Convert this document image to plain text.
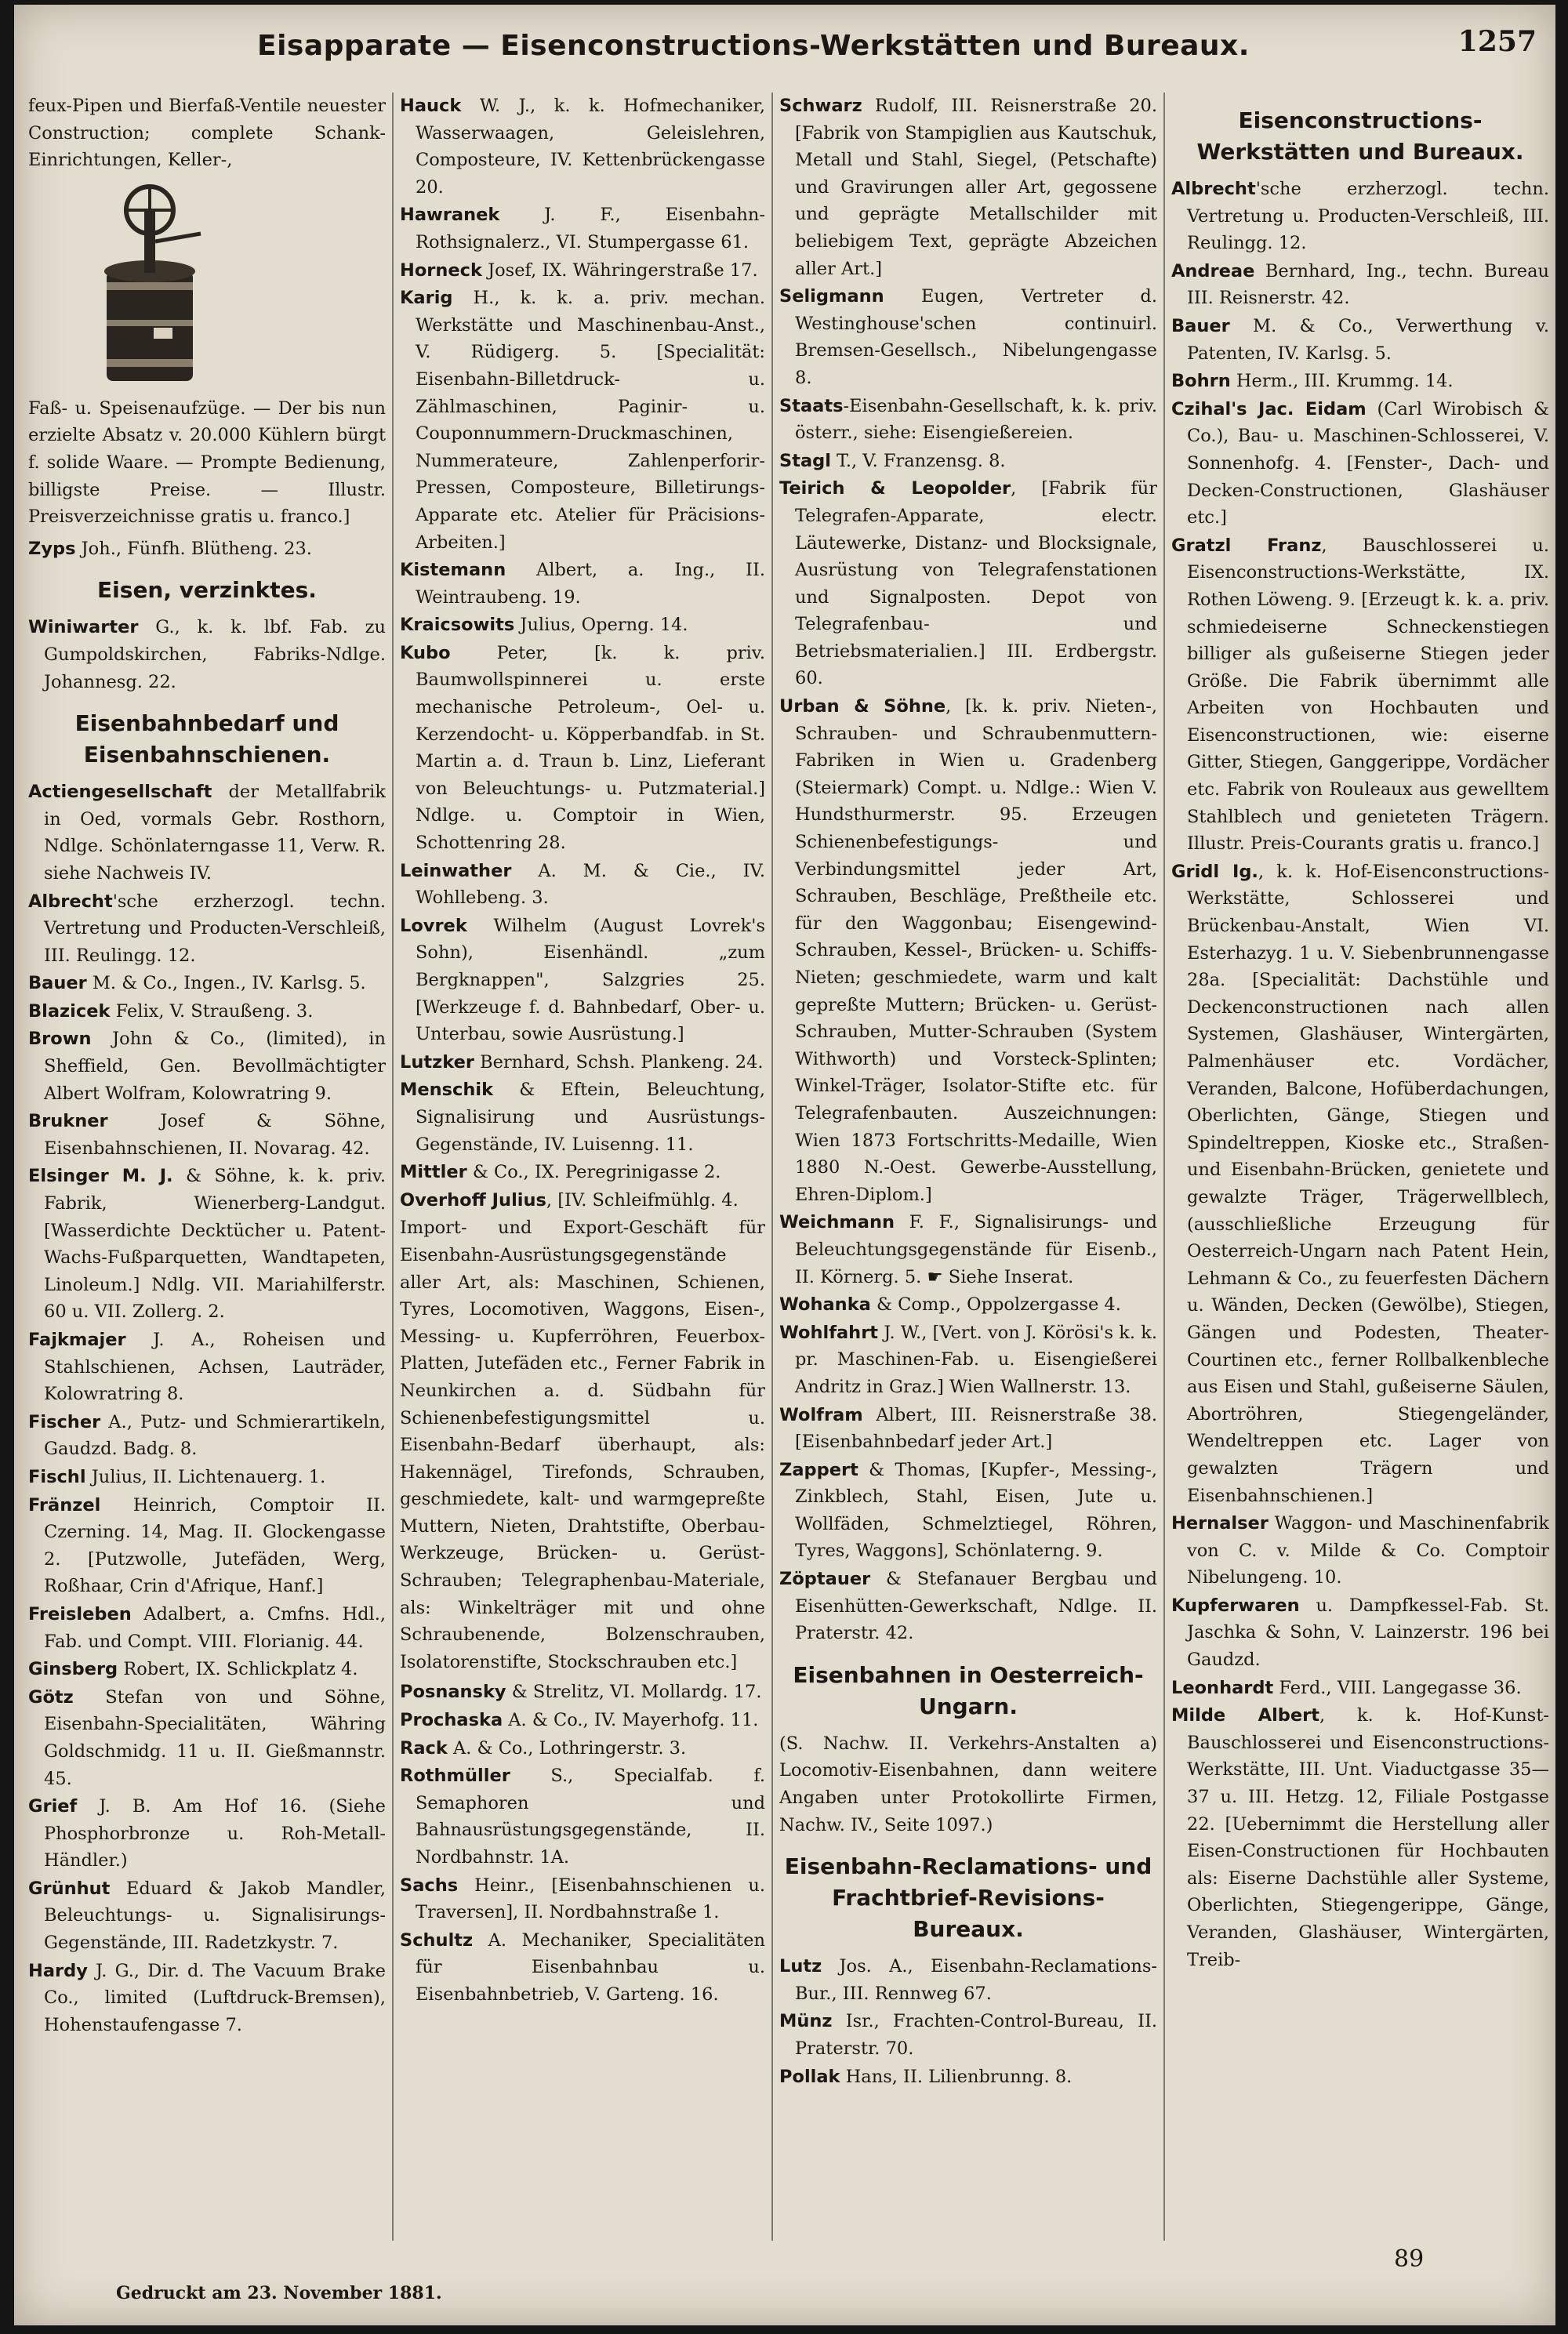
Eisapparate — Eisenconstructions-Werkstätten und Bureaux.	1257
feux-Pipen und Bierfaß-Ventile neuester Construction; complete Schank-Einrichtungen, Keller-,
Faß- u. Speisenaufzüge. — Der bis nun erzielte Absatz v. 20.000 Kühlern bürgt f. solide Waare. — Prompte Bedienung, billigste Preise. — Illustr. Preisverzeichnisse gratis u. franco.]
Zyps Joh., Fünfh. Blütheng. 23.
Eisen, verzinktes.
Winiwarter G., k. k. lbf. Fab. zu Gumpoldskirchen, Fabriks-Ndlge. Johannesg. 22.
Eisenbahnbedarf und Eisenbahnschienen.
Actiengesellschaft der Metallfabrik in Oed, vormals Gebr. Rosthorn, Ndlge. Schönlaterngasse 11, Verw. R. siehe Nachweis IV.
Albrecht'sche erzherzogl. techn. Vertretung und Producten-Verschleiß, III. Reulingg. 12.
Bauer M. & Co., Ingen., IV. Karlsg. 5.
Blazicek Felix, V. Straußeng. 3.
Brown John & Co., (limited), in Sheffield, Gen. Bevollmächtigter Albert Wolfram, Kolowratring 9.
Brukner Josef & Söhne, Eisenbahnschienen, II. Novarag. 42.
Elsinger M. J. & Söhne, k. k. priv. Fabrik, Wienerberg-Landgut. [Wasserdichte Decktücher u. Patent-Wachs-Fußparquetten, Wandtapeten, Linoleum.] Ndlg. VII. Mariahilferstr. 60 u. VII. Zollerg. 2.
Fajkmajer J. A., Roheisen und Stahlschienen, Achsen, Lauträder, Kolowratring 8.
Fischer A., Putz- und Schmierartikeln, Gaudzd. Badg. 8.
Fischl Julius, II. Lichtenauerg. 1.
Fränzel Heinrich, Comptoir II. Czerning. 14, Mag. II. Glockengasse 2. [Putzwolle, Jutefäden, Werg, Roßhaar, Crin d'Afrique, Hanf.]
Freisleben Adalbert, a. Cmfns. Hdl., Fab. und Compt. VIII. Florianig. 44.
Ginsberg Robert, IX. Schlickplatz 4.
Götz Stefan von und Söhne, Eisenbahn-Specialitäten, Währing Goldschmidg. 11 u. II. Gießmannstr. 45.
Grief J. B. Am Hof 16. (Siehe Phosphorbronze u. Roh-Metall-Händler.)
Grünhut Eduard & Jakob Mandler, Beleuchtungs- u. Signalisirungs-Gegenstände, III. Radetzkystr. 7.
Hardy J. G., Dir. d. The Vacuum Brake Co., limited (Luftdruck-Bremsen), Hohenstaufengasse 7.
Hauck W. J., k. k. Hofmechaniker, Wasserwaagen, Geleislehren, Composteure, IV. Kettenbrückengasse 20.
Hawranek J. F., Eisenbahn-Rothsignalerz., VI. Stumpergasse 61.
Horneck Josef, IX. Währingerstraße 17.
Karig H., k. k. a. priv. mechan. Werkstätte und Maschinenbau-Anst., V. Rüdigerg. 5. [Specialität: Eisenbahn-Billetdruck- u. Zählmaschinen, Paginir- u. Couponnummern-Druckmaschinen, Nummerateure, Zahlenperforir-Pressen, Composteure, Billetirungs-Apparate etc. Atelier für Präcisions-Arbeiten.]
Kistemann Albert, a. Ing., II. Weintraubeng. 19.
Kraicsowits Julius, Operng. 14.
Kubo Peter, [k. k. priv. Baumwollspinnerei u. erste mechanische Petroleum-, Oel- u. Kerzendocht- u. Köpperbandfab. in St. Martin a. d. Traun b. Linz, Lieferant von Beleuchtungs- u. Putzmaterial.] Ndlge. u. Comptoir in Wien, Schottenring 28.
Leinwather A. M. & Cie., IV. Wohllebeng. 3.
Lovrek Wilhelm (August Lovrek's Sohn), Eisenhändl. „zum Bergknappen", Salzgries 25. [Werkzeuge f. d. Bahnbedarf, Ober- u. Unterbau, sowie Ausrüstung.]
Lutzker Bernhard, Schsh. Plankeng. 24.
Menschik & Eftein, Beleuchtung, Signalisirung und Ausrüstungs-Gegenstände, IV. Luisenng. 11.
Mittler & Co., IX. Peregrinigasse 2.
Overhoff Julius, [IV. Schleifmühlg. 4.
Import- und Export-Geschäft für Eisenbahn-Ausrüstungsgegenstände aller Art, als: Maschinen, Schienen, Tyres, Locomotiven, Waggons, Eisen-, Messing- u. Kupferröhren, Feuerbox-Platten, Jutefäden etc., Ferner Fabrik in Neunkirchen a. d. Südbahn für Schienenbefestigungsmittel u. Eisenbahn-Bedarf überhaupt, als: Hakennägel, Tirefonds, Schrauben, geschmiedete, kalt- und warmgepreßte Muttern, Nieten, Drahtstifte, Oberbau-Werkzeuge, Brücken- u. Gerüst-Schrauben; Telegraphenbau-Materiale, als: Winkelträger mit und ohne Schraubenende, Bolzenschrauben, Isolatorenstifte, Stockschrauben etc.]
Posnansky & Strelitz, VI. Mollardg. 17.
Prochaska A. & Co., IV. Mayerhofg. 11.
Rack A. & Co., Lothringerstr. 3.
Rothmüller S., Specialfab. f. Semaphoren und Bahnausrüstungsgegenstände, II. Nordbahnstr. 1A.
Sachs Heinr., [Eisenbahnschienen u. Traversen], II. Nordbahnstraße 1.
Schultz A. Mechaniker, Specialitäten für Eisenbahnbau u. Eisenbahnbetrieb, V. Garteng. 16.
Schwarz Rudolf, III. Reisnerstraße 20. [Fabrik von Stampiglien aus Kautschuk, Metall und Stahl, Siegel, (Petschafte) und Gravirungen aller Art, gegossene und geprägte Metallschilder mit beliebigem Text, geprägte Abzeichen aller Art.]
Seligmann Eugen, Vertreter d. Westinghouse'schen continuirl. Bremsen-Gesellsch., Nibelungengasse 8.
Staats-Eisenbahn-Gesellschaft, k. k. priv. österr., siehe: Eisengießereien.
Stagl T., V. Franzensg. 8.
Teirich & Leopolder, [Fabrik für Telegrafen-Apparate, electr. Läutewerke, Distanz- und Blocksignale, Ausrüstung von Telegrafenstationen und Signalposten. Depot von Telegrafenbau- und Betriebsmaterialien.] III. Erdbergstr. 60.
Urban & Söhne, [k. k. priv. Nieten-, Schrauben- und Schraubenmuttern-Fabriken in Wien u. Gradenberg (Steiermark) Compt. u. Ndlge.: Wien V. Hundsthurmerstr. 95. Erzeugen Schienenbefestigungs- und Verbindungsmittel jeder Art, Schrauben, Beschläge, Preßtheile etc. für den Waggonbau; Eisengewind-Schrauben, Kessel-, Brücken- u. Schiffs-Nieten; geschmiedete, warm und kalt gepreßte Muttern; Brücken- u. Gerüst-Schrauben, Mutter-Schrauben (System Withworth) und Vorsteck-Splinten; Winkel-Träger, Isolator-Stifte etc. für Telegrafenbauten. Auszeichnungen: Wien 1873 Fortschritts-Medaille, Wien 1880 N.-Oest. Gewerbe-Ausstellung, Ehren-Diplom.]
Weichmann F. F., Signalisirungs- und Beleuchtungsgegenstände für Eisenb., II. Körnerg. 5. ☛ Siehe Inserat.
Wohanka & Comp., Oppolzergasse 4.
Wohlfahrt J. W., [Vert. von J. Körösi's k. k. pr. Maschinen-Fab. u. Eisengießerei Andritz in Graz.] Wien Wallnerstr. 13.
Wolfram Albert, III. Reisnerstraße 38. [Eisenbahnbedarf jeder Art.]
Zappert & Thomas, [Kupfer-, Messing-, Zinkblech, Stahl, Eisen, Jute u. Wollfäden, Schmelztiegel, Röhren, Tyres, Waggons], Schönlaterng. 9.
Zöptauer & Stefanauer Bergbau und Eisenhütten-Gewerkschaft, Ndlge. II. Praterstr. 42.
Eisenbahnen in Oesterreich-Ungarn.
(S. Nachw. II. Verkehrs-Anstalten a) Locomotiv-Eisenbahnen, dann weitere Angaben unter Protokollirte Firmen, Nachw. IV., Seite 1097.)
Eisenbahn-Reclamations- und Frachtbrief-Revisions-Bureaux.
Lutz Jos. A., Eisenbahn-Reclamations-Bur., III. Rennweg 67.
Münz Isr., Frachten-Control-Bureau, II. Praterstr. 70.
Pollak Hans, II. Lilienbrunng. 8.
Eisenconstructions-Werkstätten und Bureaux.
Albrecht'sche erzherzogl. techn. Vertretung u. Producten-Verschleiß, III. Reulingg. 12.
Andreae Bernhard, Ing., techn. Bureau III. Reisnerstr. 42.
Bauer M. & Co., Verwerthung v. Patenten, IV. Karlsg. 5.
Bohrn Herm., III. Krummg. 14.
Czihal's Jac. Eidam (Carl Wirobisch & Co.), Bau- u. Maschinen-Schlosserei, V. Sonnenhofg. 4. [Fenster-, Dach- und Decken-Constructionen, Glashäuser etc.]
Gratzl Franz, Bauschlosserei u. Eisenconstructions-Werkstätte, IX. Rothen Löweng. 9. [Erzeugt k. k. a. priv. schmiedeiserne Schneckenstiegen billiger als gußeiserne Stiegen jeder Größe. Die Fabrik übernimmt alle Arbeiten von Hochbauten und Eisenconstructionen, wie: eiserne Gitter, Stiegen, Ganggerippe, Vordächer etc. Fabrik von Rouleaux aus gewelltem Stahlblech und genieteten Trägern. Illustr. Preis-Courants gratis u. franco.]
Gridl Ig., k. k. Hof-Eisenconstructions-Werkstätte, Schlosserei und Brückenbau-Anstalt, Wien VI. Esterhazyg. 1 u. V. Siebenbrunnengasse 28a. [Specialität: Dachstühle und Deckenconstructionen nach allen Systemen, Glashäuser, Wintergärten, Palmenhäuser etc. Vordächer, Veranden, Balcone, Hofüberdachungen, Oberlichten, Gänge, Stiegen und Spindeltreppen, Kioske etc., Straßen- und Eisenbahn-Brücken, genietete und gewalzte Träger, Trägerwellblech, (ausschließliche Erzeugung für Oesterreich-Ungarn nach Patent Hein, Lehmann & Co., zu feuerfesten Dächern u. Wänden, Decken (Gewölbe), Stiegen, Gängen und Podesten, Theater-Courtinen etc., ferner Rollbalkenbleche aus Eisen und Stahl, gußeiserne Säulen, Abortröhren, Stiegengeländer, Wendeltreppen etc. Lager von gewalzten Trägern und Eisenbahnschienen.]
Hernalser Waggon- und Maschinenfabrik von C. v. Milde & Co. Comptoir Nibelungeng. 10.
Kupferwaren u. Dampfkessel-Fab. St. Jaschka & Sohn, V. Lainzerstr. 196 bei Gaudzd.
Leonhardt Ferd., VIII. Langegasse 36.
Milde Albert, k. k. Hof-Kunst-Bauschlosserei und Eisenconstructions-Werkstätte, III. Unt. Viaductgasse 35—37 u. III. Hetzg. 12, Filiale Postgasse 22. [Uebernimmt die Herstellung aller Eisen-Constructionen für Hochbauten als: Eiserne Dachstühle aller Systeme, Oberlichten, Stiegengerippe, Gänge, Veranden, Glashäuser, Wintergärten, Treib-
Gedruckt am 23. November 1881.
89
